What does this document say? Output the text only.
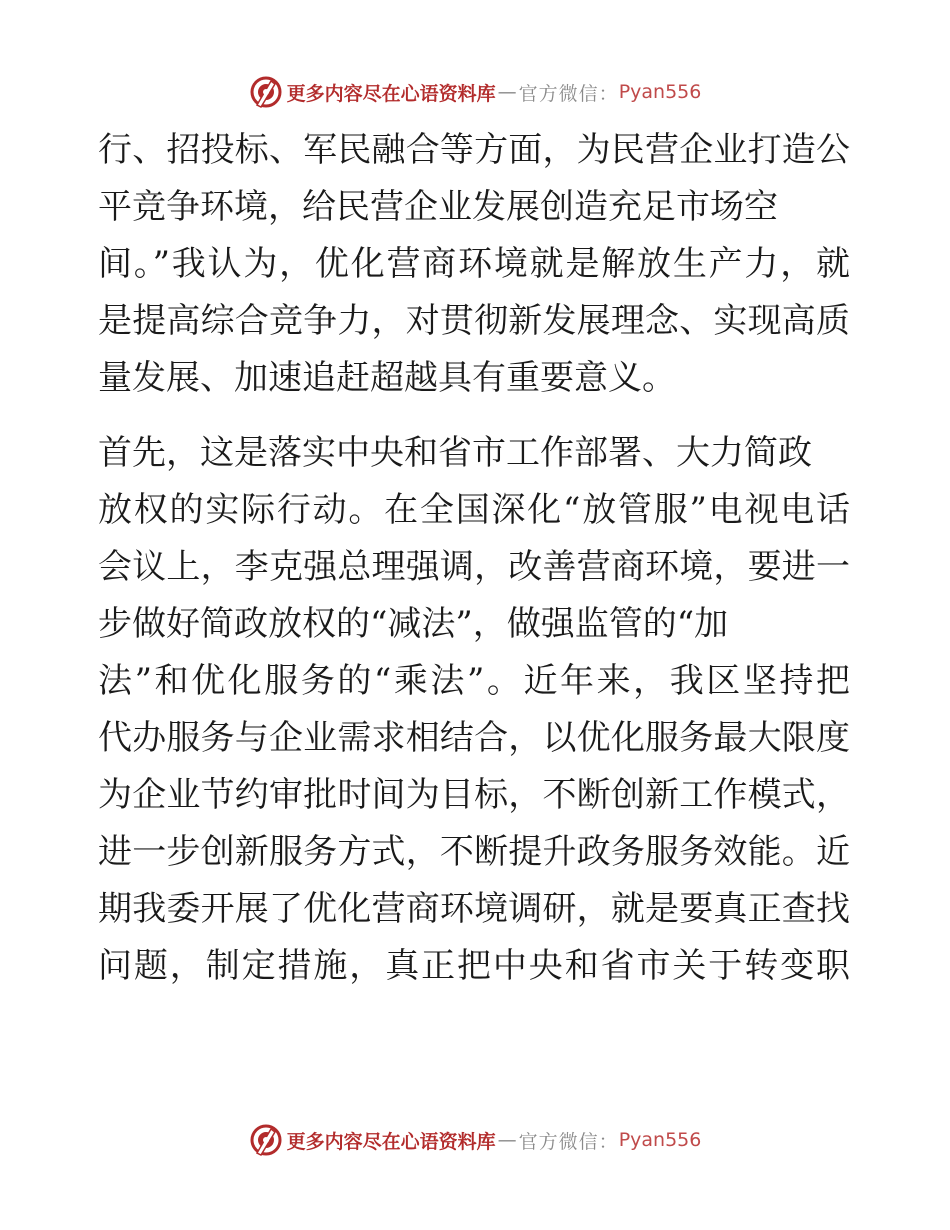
更多内容尽在心语资料库 — 官方微信： Pyan556
行、招投标、军民融合等方面，为民营企业打造公
平竞争环境，给民营企业发展创造充足市场空
间。”我认为，优化营商环境就是解放生产力，就
是提高综合竞争力，对贯彻新发展理念、实现高质
量发展、加速追赶超越具有重要意义。
首先，这是落实中央和省市工作部署、大力简政
放权的实际行动。在全国深化“放管服”电视电话
会议上，李克强总理强调，改善营商环境，要进一
步做好简政放权的“减法”，做强监管的“加
法”和优化服务的“乘法”。近年来，我区坚持把
代办服务与企业需求相结合，以优化服务最大限度
为企业节约审批时间为目标，不断创新工作模式，
进一步创新服务方式，不断提升政务服务效能。近
期我委开展了优化营商环境调研，就是要真正查找
问题，制定措施，真正把中央和省市关于转变职
更多内容尽在心语资料库 — 官方微信： Pyan556
